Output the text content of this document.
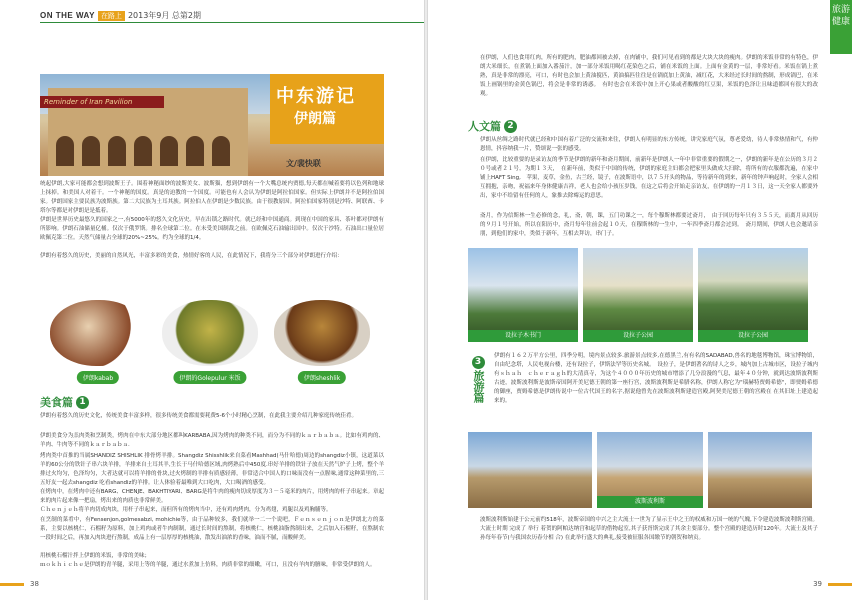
ON THE WAY 在路上 2013年9月 总第2期
Reminder of Iran Pavilion	中东游记
伊朗篇
文/裴快联
统起伊朗,大家可能都会想到波斯王子。围着神秘面纱的波斯美女、波斯猫，想到伊朗有一个大嘴总统内贾德,每天都在喊着要将以色列和地球上抹掉。和美国人对着干。一个神秘的国度。真是的迫教的一个国度。可能也有人会认为伊朗是阿拉伯国家。但实际上伊朗并不是阿拉伯国家。伊朗国家主要民族为波斯族。第二大民族为土耳其族。阿拉伯人在伊朗是少数民族。由于很教原因。阿拉伯国家特别是沙特、阿联酋、卡塔尔等都是对伊朗是是抵着。
伊朗是世界历史最悠久的国家之一,有5000年的悠久文化历史。早在出锁之路时代。就已经和中国通商。到现在中国的家具、茶叶都对伊朗有所影响。伊朗石油储量亿桶。仅次于俄罗斯。排名全球第二位。在未受美国制裁之前。在欧佩克石油输出国中。仅次于沙特。石油出口量位居欧佩克第二位。天然气储量占全球的20%~25%。约为全球的1/4。
伊朗有着悠久的历史，美丽的自然风光，丰富多彩的美食，热情好客的人民，在此情况下，我将分三个部分对伊朗进行介绍：
伊朗kabab	伊朗的Golepulur 米饭	伊朗sheshlik
美食篇 1
伊朗有着悠久的历史文化，传统美食丰富多样，很多传统美食都需要耗费5-6个小时精心烹制，在此我主要介绍几种家庭传统佳肴。
伊朗美食分为羔肉类和烹制类，烤肉在中东大部分地区都叫KARBABA,因为烤肉的种类不同，而分为不同的ｋａｒｂａｂａ。比如有鸡肉的、羊肉、牛肉等不同的ｋａｒｂａｂａ.
烤肉类中首推的当属SHANDIZ SHISHLIK 排骨烤羊排。Shangdiz Shisshlik来自菜看Mashhad(马什哈德)周边的shangdiz小镇，这道菜以羊的60公分的铁针子串六块羊排，羊排来自土耳其羊,生长于马什哈德区域,肉烤熟后中450度.串好羊排的铁针子放在天然气炉子上烤，整个羊排过火均匀，色泽均匀，大者达就可以将羊排的骨块,过火烤制的羊排有质感轻薄，非常适合中国人的口味而没有一点腥味,通常这种菜里的,三五好友一起去shangdiz 吃看shandiz的羊排。让人体验着最唯到大口吃肉，大口喝酒的感受。
在烤肉中，在烤肉中还有BARG、CHENJE、BAKHTIYARI、BARG是将牛肉的瘦肉切成厚度为３－５毫米的肉片，用烤肉的杆子串起来。章起来的肉片起来像一把扇，烤出来的肉质也非常鲜美。
Ｃｈｅｎｊｅｈ将羊肉切成肉块，用杆子串起来，而但所有的烤肉当中，还有鸡肉烤肉，分为鸡翅，鸡腿以及鸡胸脯等。
在烹制的菜肴中，有Fensenjon,golmesabzi, mohichie等，由于品种较多，我们就举一二一个说吧，Ｆｅｎｓｅｎｊｏｎ是伊朗北方的菜系，主要以核桃仁，石榴籽为原料，加上鸡肉或者牛肉制制，通过长时间的熬制，将核桃仁，核桃油脂熬制出来，之后加入石榴籽，在熬制农一段时间之后，再加入肉块进行熬制，成品上有一层厚厚的核桃油，散发出油浓的香味，油而不腻，而酸鲜美。
用核桃石榴汁拌上伊朗的米饭，非常的美味；
ｍｏｋｈｉｃｈｅ是伊朗的青羊腿，采用上等的羊腿，通过水煮加上仿料，肉质非常的细嫩，可口，且没有羊肉的膻味，非常受伊朗的人。
38
旅游
健康
在伊朗，人们也食用红肉，所有的肥肉，肥油都回被去掉，在肉铺中，我们可见看到的都是大块大块的瘦肉。伊朗的米饭非常的有特色，伊朗大米细长，在煮锅上面加入番茄汁，加一部分米饭用喝红花染色之后，铺在米饭的上面。上面有金黄的一层，非常好看。米饭在锅上煮熟，真是非常的漂亮，可口，有时也会加上黄油搅匹，黄油搞匹往往是在锅底加上黄油，减红花，大米经过长时间的熬制，形成锅巴，在米饭上画锅里的金黄色锅巴，将会是非常的诱惑。　有时也会在米饭中加上开心果或者酸酸的红豆果，米饭的色泽让且味道都回有很大的改观。
人文篇 2
伊朗从丝绸之路时代就已经和中国有着广泛的交流和来往，伊朗人有明显的东方传统，讲究家庭气氛，尊老爱幼，待人非常热情和气，有仲恩情，抖容纳我一片，赞颂说一张的感受。
在伊朗，比较重要的是录访友的季节是伊朗的新年和斋月期间，前新年是伊朗人一年中非常重要的假期之一，伊朗的新年是在公历的３月２０号或者２１号，为期１３天，　在新年前，类似于中国的传统，伊朗的家庭主妇都会把家里头做成大扫除，将所有的衣服都洗遍，在家中铺上HAFT Sing,　苹果，麦草，金鱼，古兰经，镜子，在波斯语中，以７５开头的物品，等待新年的到来，新年的钟声响起时，全家人会相互拥抱，亲吻，祝福来年身体健康吉祥，老人也会给小孩压岁钱，在这之后将会开始走亲访友，在伊朗的一月１３日，这一天全家人都要外出，家中不给留有任何的人，象推去除霉运的意思。
斋月，作为信斯林一生必修的念，礼，斋，朝，课，五门功课之一，每个穆斯林都要过斋月，　由于回历每年只有３５５天，而离月从回历的９月１号开始，所以在阳历中，斋月每年往前会起１０天，在穆斯林的一生中，一年四季斋月都会过到。　斋月期间，伊朗人也会邀请亲朋，到他们的家中，类似于新年，互相去拜访，串门子。
设拉子木书门	设拉子公园	设拉子公园
3
旅游篇
伊朗有１６２万平方公里，四季分明，境内景点较多.旅游景点较多,在德黑兰,有有名的SADABAD,兽名的地毯博物馆，珠宝博物馆，自由纪念塔，人民电视台楼，还有设拉子，伊斯法罕等历史名城。　设拉子，是伊朗著名的诗人之乡，城内加上古城市区，设拉子城内有ｓｈａｈ　ｃｈｅｒａｇｈ的大清真寺，为这个４０００年历史的城市增添了几分浪漫的气息，最年４０分钟，就到达波斯波利斯古迹，波斯波利斯是波斯帝国阿开美尼德王朝的第一座行宫，波斯波利斯是希腊名称，伊朗人称它为"瑙赫特贾姆希德"，即贾姆希德的御座，贾姆希德是伊朗传说中一位古代国王的名字,据说他曾先在波斯波利斯建造宫殿,阿契美尼德王朝的宫殿在 在其旧址上建造起来的。
波斯波利斯
波斯波利斯始建于公元前约518年，波斯帝国的中兴之主大流士一世为了显示王中之王的权威和万国一统的气魄,下令建造波斯波利斯宫殿。大流士时期 完成了 举行 着贺的阿帕达纳宫和起草的借物起室,其子获胥斯完成了其余主要部分。整个宫殿的建造历时120年。大流士及其子孙每年春节(与我国农历春分相 合) 在此举行盛大的典礼,接受被征服各国缴节的朝贺和纳贡。
39
